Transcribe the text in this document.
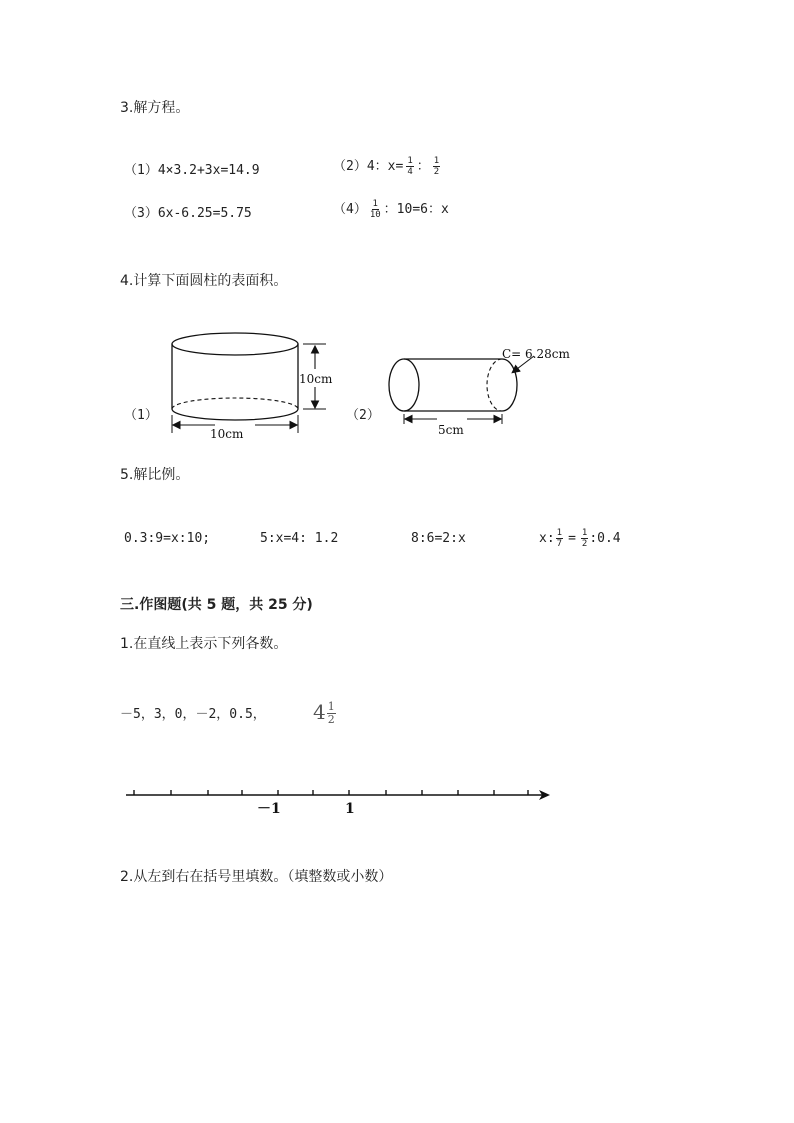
3.解方程。
（1）4×3.2+3x=14.9	（2）4：$x= \frac{1}{4}$ ： $\frac{1}{2}$
（3）6x-6.25=5.75	$(4) \frac{1}{10}$ ：10=6：x
4.计算下面圆柱的表面积。
（1）	（2）
10cm
10cm
C= 6.28cm
5cm
5.解比例。
0.3:9=x:10;	5:x=4: 1.2	8:6=2:x	x: $\frac{1}{7} = \frac{1}{2}$ :0.4
三.作图题(共 5 题，共 25 分)
1.在直线上表示下列各数。
－5，3，0，－2，0.5， $4 \frac{1}{2}$
－1	1
2.从左到右在括号里填数。（填整数或小数）
